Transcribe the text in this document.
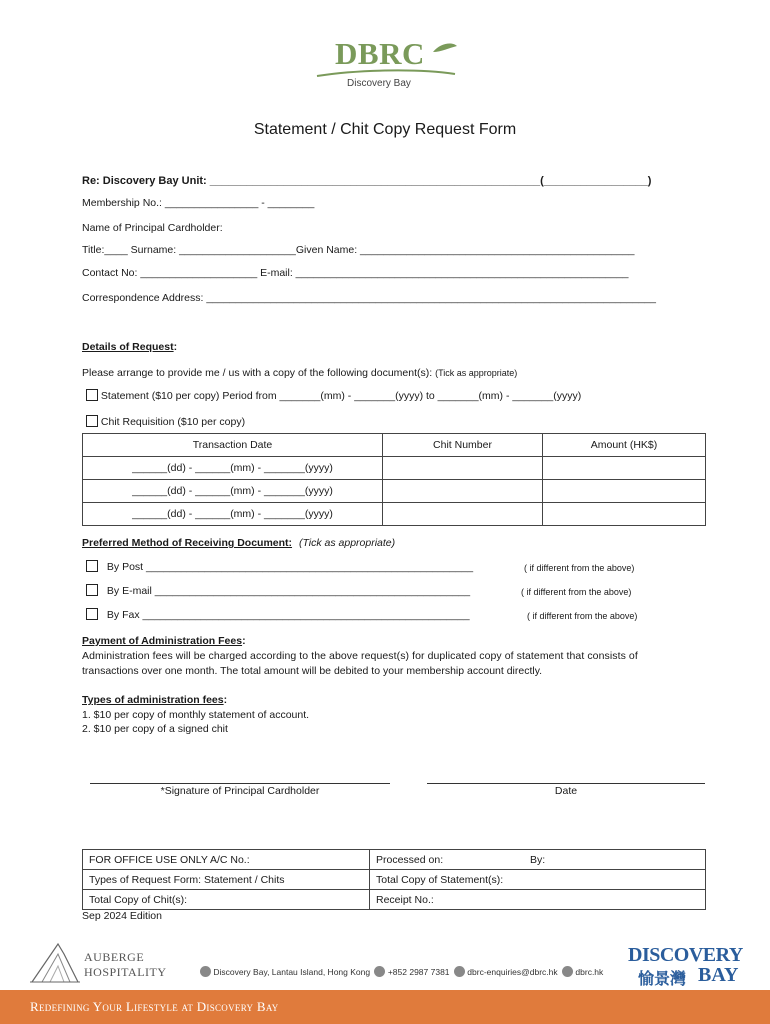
DBRC
Discovery Bay
Statement / Chit Copy Request Form
Re: Discovery Bay Unit: ______________________________________________________(_________________)
Membership No.: ________________ - ________
Name of Principal Cardholder:
Title:____ Surname: ____________________Given Name: _______________________________________________
Contact No: ____________________ E-mail: _________________________________________________________
Correspondence Address: _____________________________________________________________________________
Details of Request:
Please arrange to provide me / us with a copy of the following document(s): (Tick as appropriate)
Statement ($10 per copy) Period from _______(mm) - _______(yyyy) to _______(mm) - _______(yyyy)
Chit Requisition ($10 per copy)
Transaction Date	Chit Number	Amount (HK$)
______(dd) - ______(mm) - _______(yyyy)		
______(dd) - ______(mm) - _______(yyyy)		
______(dd) - ______(mm) - _______(yyyy)		
Preferred Method of Receiving Document: (Tick as appropriate)
By Post ________________________________________________________	( if different from the above)
By E-mail ______________________________________________________	( if different from the above)
By Fax ________________________________________________________	( if different from the above)
Payment of Administration Fees:
Administration fees will be charged according to the above request(s) for duplicated copy of statement that consists of
transactions over one month. The total amount will be debited to your membership account directly.
Types of administration fees:
1. $10 per copy of monthly statement of account.
2. $10 per copy of a signed chit
*Signature of Principal Cardholder	Date
FOR OFFICE USE ONLY A/C No.:	Processed on: By:
Types of Request Form: Statement / Chits	Total Copy of Statement(s):
Total Copy of Chit(s):	Receipt No.:
Sep 2024 Edition
AUBERGE
HOSPITALITY	Discovery Bay, Lantau Island, Hong Kong +852 2987 7381 dbrc-enquiries@dbrc.hk dbrc.hk
DISCOVERY
愉景灣 BAY
Redefining Your Lifestyle at Discovery Bay
